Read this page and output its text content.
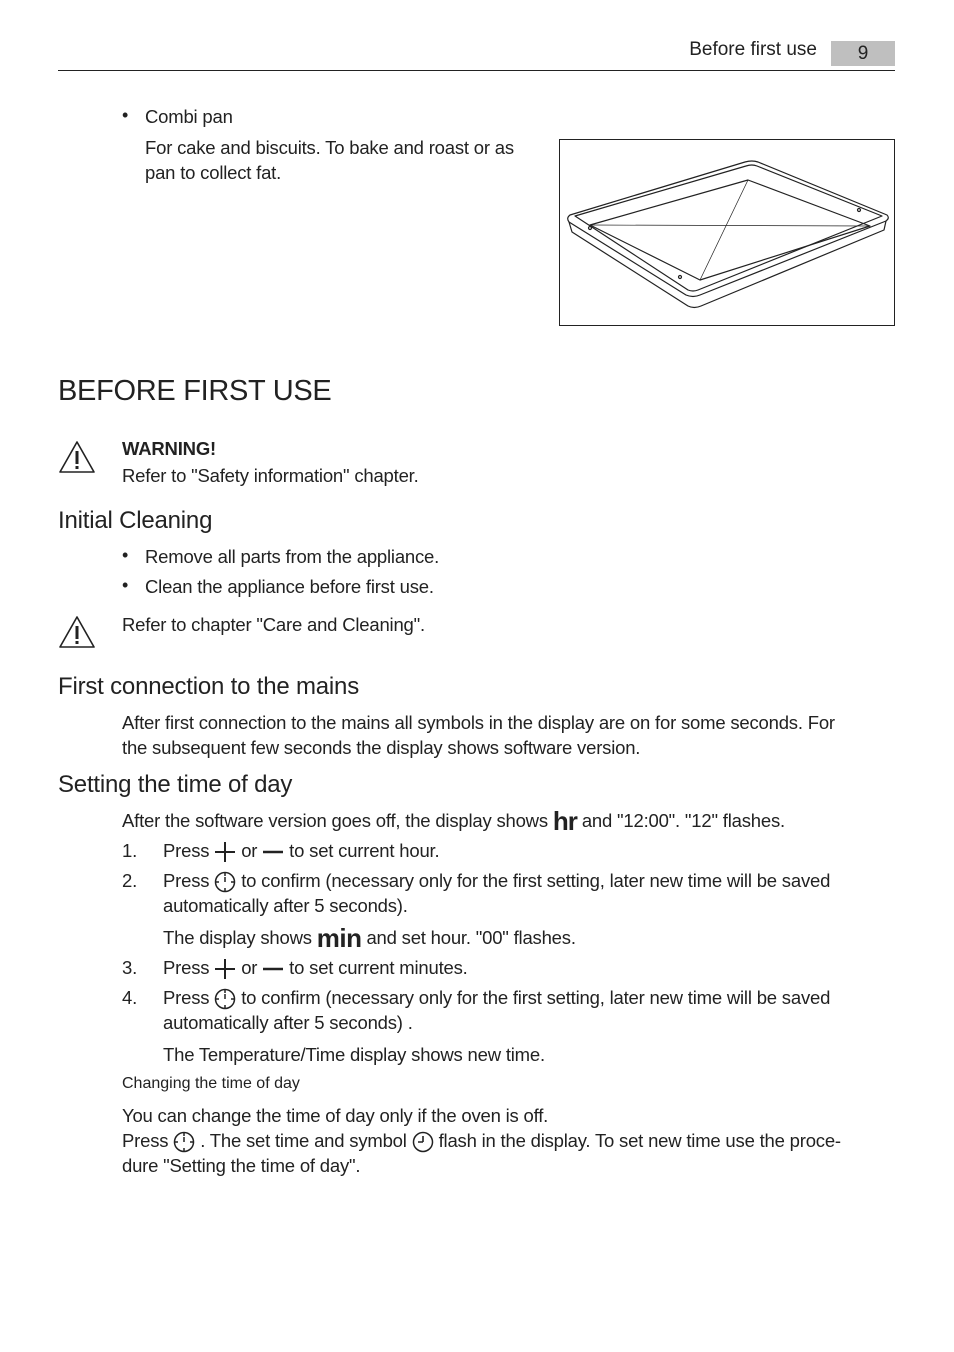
Before first use	9
• Combi pan
For cake and biscuits. To bake and roast or as
pan to collect fat.
BEFORE FIRST USE
WARNING!
Refer to "Safety information" chapter.
Initial Cleaning
• Remove all parts from the appliance.
• Clean the appliance before first use.
Refer to chapter "Care and Cleaning".
First connection to the mains
After first connection to the mains all symbols in the display are on for some seconds. For
the subsequent few seconds the display shows software version.
Setting the time of day
After the software version goes off, the display shows hr and "12:00". "12" flashes.
1. Press or to set current hour.
2. Press to confirm (necessary only for the first setting, later new time will be saved
automatically after 5 seconds).
The display shows min and set hour. "00" flashes.
3. Press or to set current minutes.
4. Press to confirm (necessary only for the first setting, later new time will be saved
automatically after 5 seconds) .
The Temperature/Time display shows new time.
Changing the time of day
You can change the time of day only if the oven is off.
Press . The set time and symbol flash in the display. To set new time use the proce-
dure "Setting the time of day".
